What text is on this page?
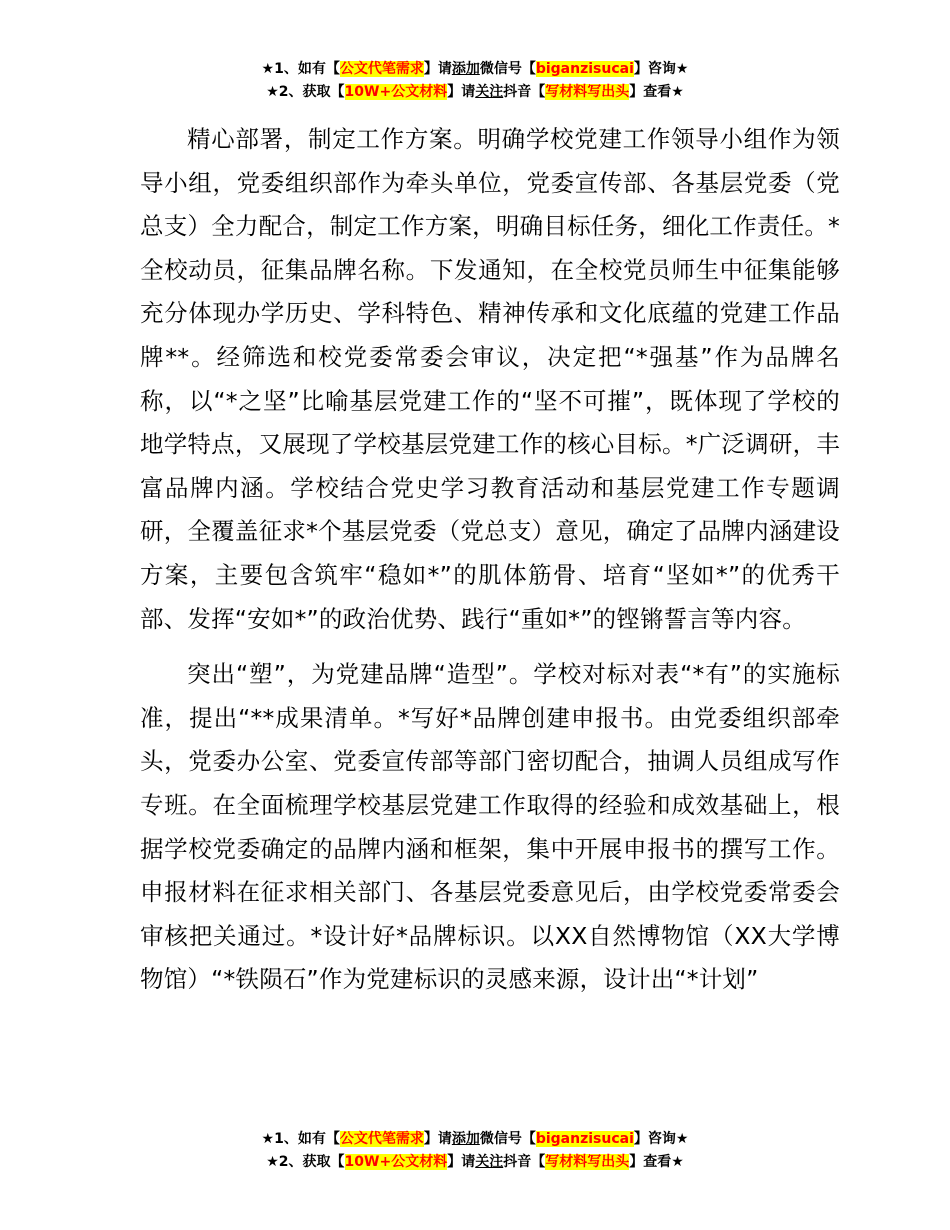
★1、如有【公文代笔需求】请添加微信号【biganzisucai】咨询★
★2、获取【10W+公文材料】请关注抖音【写材料写出头】查看★

精心部署，制定工作方案。明确学校党建工作领导小组作为领导小组，党委组织部作为牵头单位，党委宣传部、各基层党委（党总支）全力配合，制定工作方案，明确目标任务，细化工作责任。*全校动员，征集品牌名称。下发通知，在全校党员师生中征集能够充分体现办学历史、学科特色、精神传承和文化底蕴的党建工作品牌**。经筛选和校党委常委会审议，决定把“*强基”作为品牌名称，以“*之坚”比喻基层党建工作的“坚不可摧”，既体现了学校的地学特点，又展现了学校基层党建工作的核心目标。*广泛调研，丰富品牌内涵。学校结合党史学习教育活动和基层党建工作专题调研，全覆盖征求*个基层党委（党总支）意见，确定了品牌内涵建设方案，主要包含筑牢“稳如*”的肌体筋骨、培育“坚如*”的优秀干部、发挥“安如*”的政治优势、践行“重如*”的铿锵誓言等内容。

突出“塑”，为党建品牌“造型”。学校对标对表“*有”的实施标准，提出“**成果清单。*写好*品牌创建申报书。由党委组织部牵头，党委办公室、党委宣传部等部门密切配合，抽调人员组成写作专班。在全面梳理学校基层党建工作取得的经验和成效基础上，根据学校党委确定的品牌内涵和框架，集中开展申报书的撰写工作。申报材料在征求相关部门、各基层党委意见后，由学校党委常委会审核把关通过。*设计好*品牌标识。以XX自然博物馆（XX大学博物馆）“*铁陨石”作为党建标识的灵感来源，设计出“*计划”

★1、如有【公文代笔需求】请添加微信号【biganzisucai】咨询★
★2、获取【10W+公文材料】请关注抖音【写材料写出头】查看★
